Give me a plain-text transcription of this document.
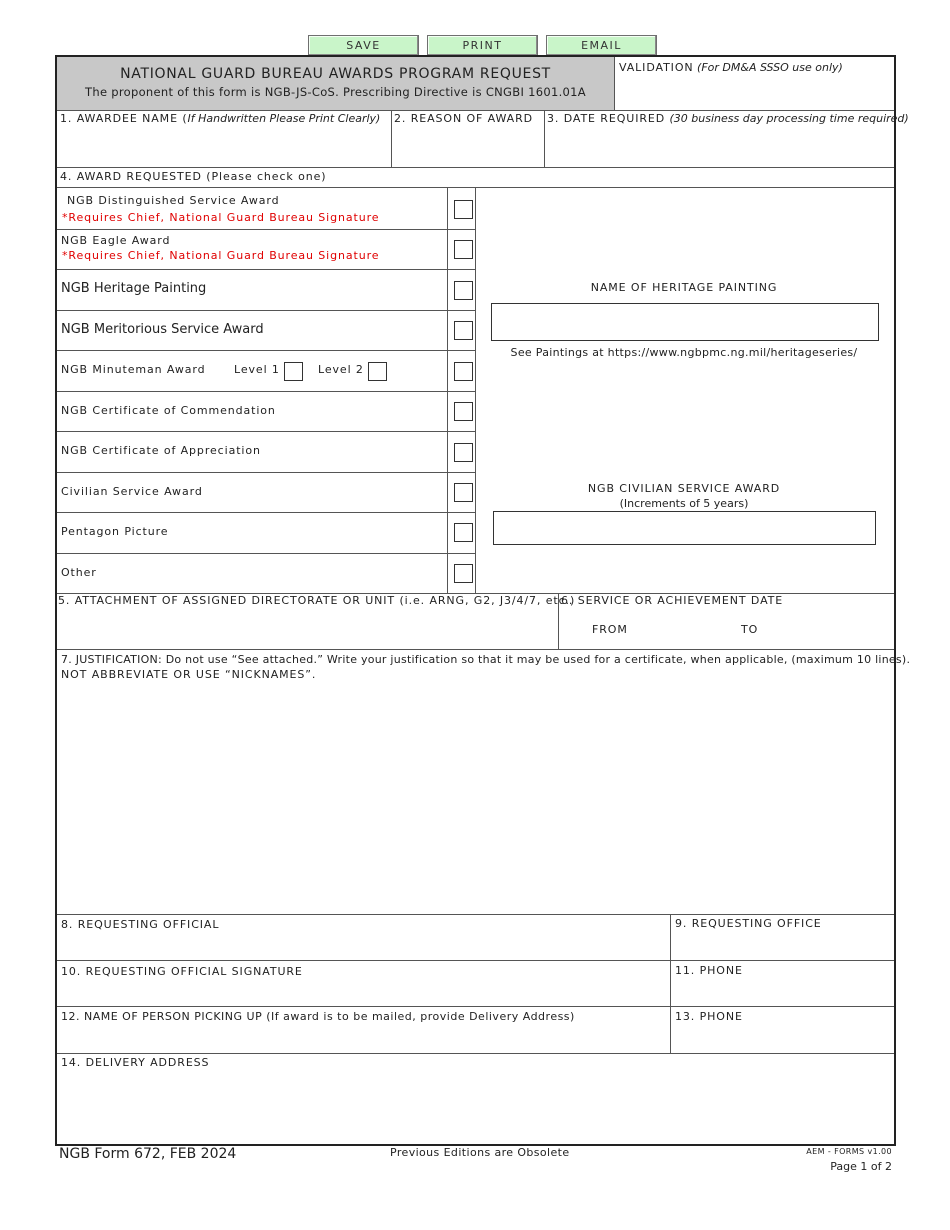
SAVE	PRINT	EMAIL
NATIONAL GUARD BUREAU AWARDS PROGRAM REQUEST
The proponent of this form is NGB-JS-CoS. Prescribing Directive is CNGBI 1601.01A
VALIDATION (For DM&A SSSO use only)
1. AWARDEE NAME (If Handwritten Please Print Clearly) 2. REASON OF AWARD 3. DATE REQUIRED (30 business day processing time required)
4. AWARD REQUESTED (Please check one)
NGB Distinguished Service Award
*Requires Chief, National Guard Bureau Signature
NGB Eagle Award
*Requires Chief, National Guard Bureau Signature
NGB Heritage Painting
NGB Meritorious Service Award
NGB Minuteman Award	Level 1	Level 2
NGB Certificate of Commendation
NGB Certificate of Appreciation
Civilian Service Award
Pentagon Picture
Other
NAME OF HERITAGE PAINTING
See Paintings at https://www.ngbpmc.ng.mil/heritageseries/
NGB CIVILIAN SERVICE AWARD
(Increments of 5 years)
5. ATTACHMENT OF ASSIGNED DIRECTORATE OR UNIT (i.e. ARNG, G2, J3/4/7, etc.)
6. SERVICE OR ACHIEVEMENT DATE
FROM	TO
7. JUSTIFICATION: Do not use “See attached.” Write your justification so that it may be used for a certificate, when applicable, (maximum 10 lines).
NOT ABBREVIATE OR USE “NICKNAMES”.
8. REQUESTING OFFICIAL	9. REQUESTING OFFICE
10. REQUESTING OFFICIAL SIGNATURE	11. PHONE
12. NAME OF PERSON PICKING UP (If award is to be mailed, provide Delivery Address)	13. PHONE
14. DELIVERY ADDRESS
NGB Form 672, FEB 2024	Previous Editions are Obsolete	AEM - FORMS v1.00
Page 1 of 2
